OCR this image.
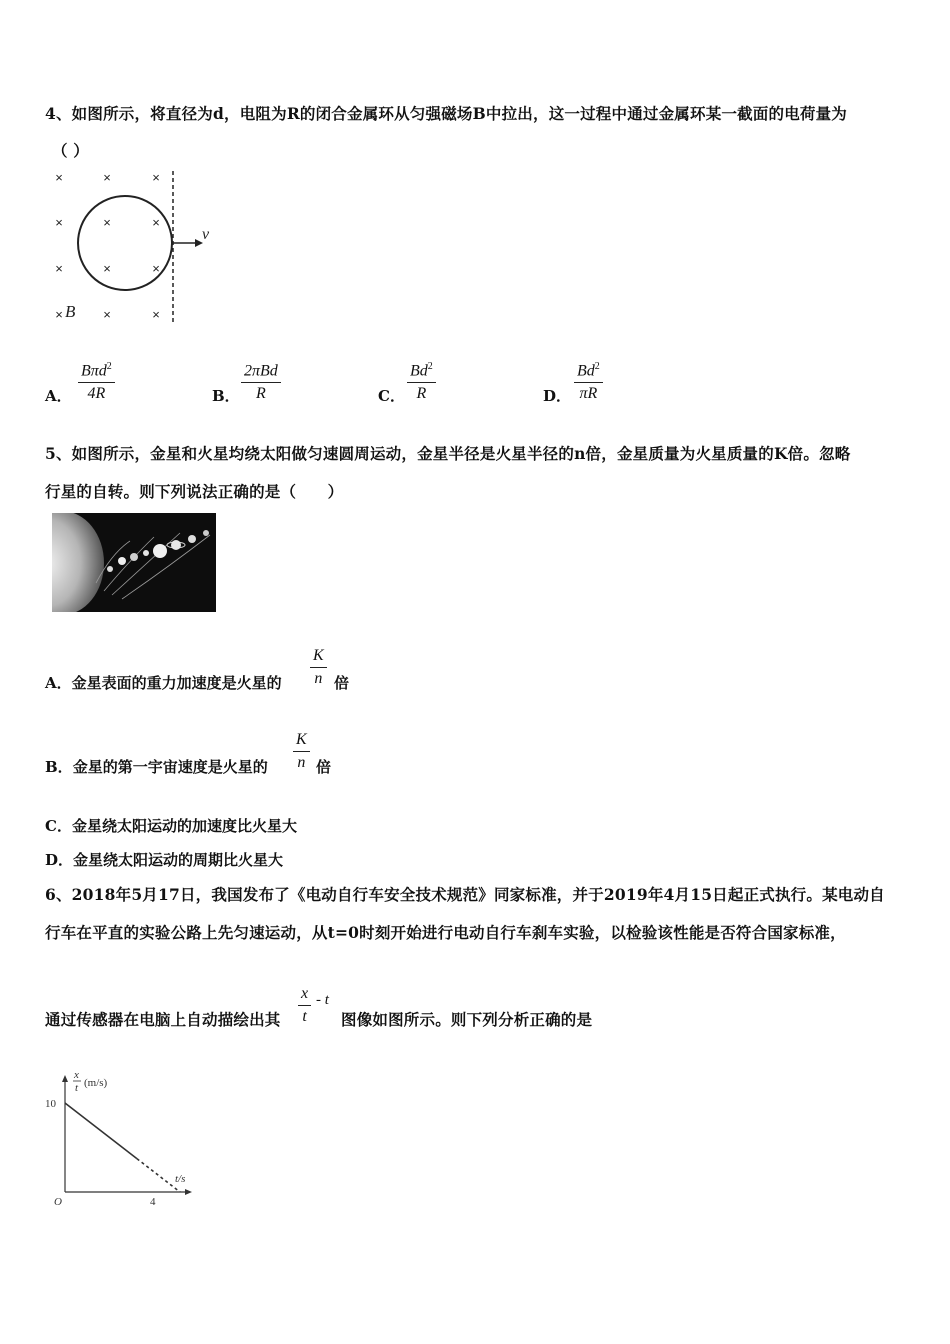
4、如图所示，将直径为d，电阻为R的闭合金属环从匀强磁场B中拉出，这一过程中通过金属环某一截面的电荷量为
（ ）
×	×	×
×	×	×
×	×	×
×	×	×
v
B
A．
Bπd$^2$
4R	B．
2πBd
R	C． $\frac{Bd^2}{R}$	D． $\frac{Bd^2}{\pi R}$
5、如图所示，金星和火星均绕太阳做匀速圆周运动，金星半径是火星半径的n倍，金星质量为火星质量的K倍。忽略
行星的自转。则下列说法正确的是（　　）
A．金星表面的重力加速度是火星的 $\frac{K}{n}$ 倍
B．金星的第一宇宙速度是火星的 $\frac{K}{n}$ 倍
C．金星绕太阳运动的加速度比火星大
D．金星绕太阳运动的周期比火星大
6、2018年5月17日，我国发布了《电动自行车安全技术规范》同家标准，并于2019年4月15日起正式执行。某电动自
行车在平直的实验公路上先匀速运动，从t=0时刻开始进行电动自行车刹车实验，以检验该性能是否符合国家标准，
通过传感器在电脑上自动描绘出其 $\frac{x}{t}$ - t
图像如图所示。则下列分析正确的是
x
t (m/s)
t/s
O
10
4
